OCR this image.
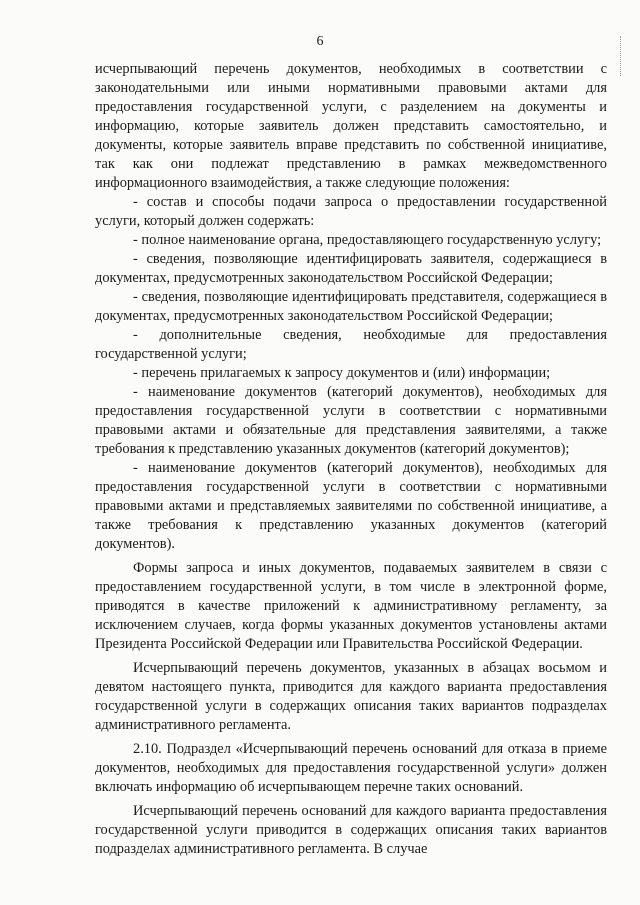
6

исчерпывающий перечень документов, необходимых в соответствии с законодательными или иными нормативными правовыми актами для предоставления государственной услуги, с разделением на документы и информацию, которые заявитель должен представить самостоятельно, и документы, которые заявитель вправе представить по собственной инициативе, так как они подлежат представлению в рамках межведомственного информационного взаимодействия, а также следующие положения:

- состав и способы подачи запроса о предоставлении государственной услуги, который должен содержать:

- полное наименование органа, предоставляющего государственную услугу;

- сведения, позволяющие идентифицировать заявителя, содержащиеся в документах, предусмотренных законодательством Российской Федерации;

- сведения, позволяющие идентифицировать представителя, содержащиеся в документах, предусмотренных законодательством Российской Федерации;

- дополнительные сведения, необходимые для предоставления государственной услуги;

- перечень прилагаемых к запросу документов и (или) информации;

- наименование документов (категорий документов), необходимых для предоставления государственной услуги в соответствии с нормативными правовыми актами и обязательные для представления заявителями, а также требования к представлению указанных документов (категорий документов);

- наименование документов (категорий документов), необходимых для предоставления государственной услуги в соответствии с нормативными правовыми актами и представляемых заявителями по собственной инициативе, а также требования к представлению указанных документов (категорий документов).

Формы запроса и иных документов, подаваемых заявителем в связи с предоставлением государственной услуги, в том числе в электронной форме, приводятся в качестве приложений к административному регламенту, за исключением случаев, когда формы указанных документов установлены актами Президента Российской Федерации или Правительства Российской Федерации.

Исчерпывающий перечень документов, указанных в абзацах восьмом и девятом настоящего пункта, приводится для каждого варианта предоставления государственной услуги в содержащих описания таких вариантов подразделах административного регламента.

2.10. Подраздел «Исчерпывающий перечень оснований для отказа в приеме документов, необходимых для предоставления государственной услуги» должен включать информацию об исчерпывающем перечне таких оснований.

Исчерпывающий перечень оснований для каждого варианта предоставления государственной услуги приводится в содержащих описания таких вариантов подразделах административного регламента. В случае
